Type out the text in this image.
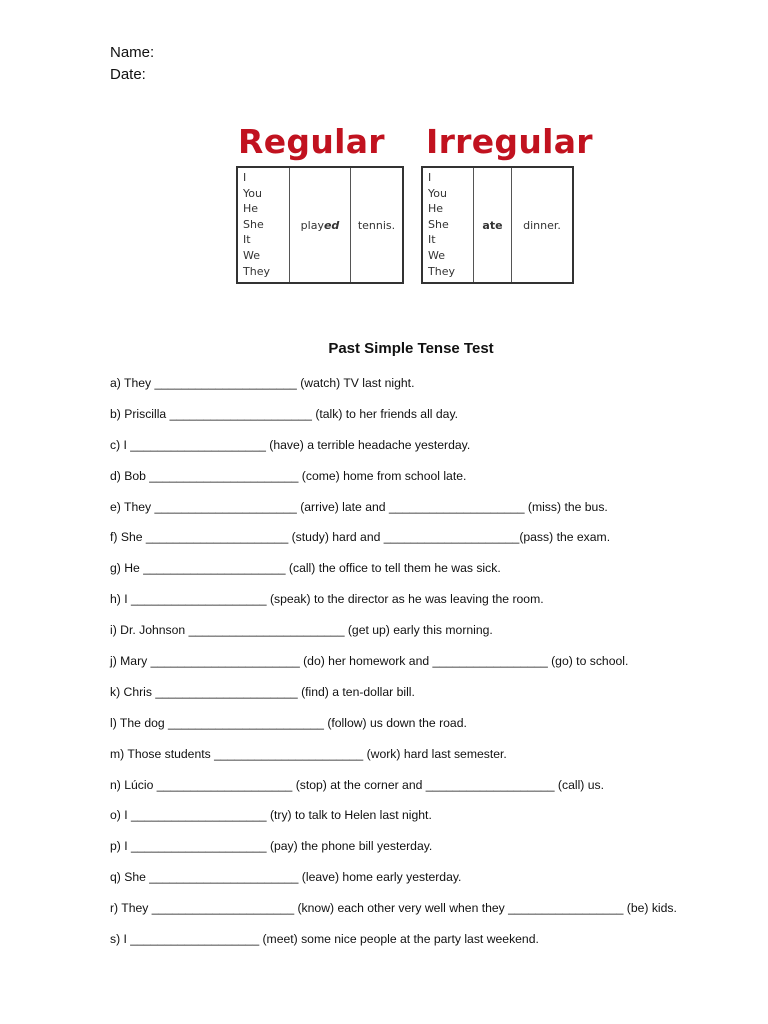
Name:
Date:
Regular Irregular
I
You
He
She
It
We
They
played tennis.
I
You
He
She
It
We
They
ate dinner.
Past Simple Tense Test
a) They _____________________ (watch) TV last night.
b) Priscilla _____________________ (talk) to her friends all day.
c) I ____________________ (have) a terrible headache yesterday.
d) Bob ______________________ (come) home from school late.
e) They _____________________ (arrive) late and ____________________ (miss) the bus.
f) She _____________________ (study) hard and ____________________(pass) the exam.
g) He _____________________ (call) the office to tell them he was sick.
h) I ____________________ (speak) to the director as he was leaving the room.
i) Dr. Johnson _______________________ (get up) early this morning.
j) Mary ______________________ (do) her homework and _________________ (go) to school.
k) Chris _____________________ (find) a ten-dollar bill.
l) The dog _______________________ (follow) us down the road.
m) Those students ______________________ (work) hard last semester.
n) Lúcio ____________________ (stop) at the corner and ___________________ (call) us.
o) I ____________________ (try) to talk to Helen last night.
p) I ____________________ (pay) the phone bill yesterday.
q) She ______________________ (leave) home early yesterday.
r) They _____________________ (know) each other very well when they _________________ (be) kids.
s) I ___________________ (meet) some nice people at the party last weekend.
